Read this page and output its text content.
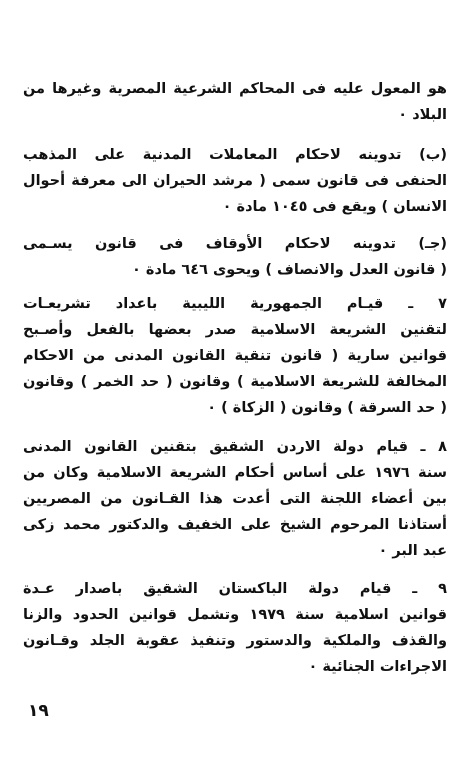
هو المعول عليه فى المحاكم الشرعية المصرية وغيرها من
البلاد ٠
(ب) تدوينه لاحكام المعاملات المدنية على المذهب
الحنفى فى قانون سمى ( مرشد الحيران الى معرفة أحوال
الانسان ) ويقع فى ١٠٤٥ مادة ٠
(جـ) تدوينه لاحكام الأوقاف فى قانون يسـمى
( قانون العدل والانصاف ) ويحوى ٦٤٦ مادة ٠
٧ ـ قيـام الجمهورية الليبية باعداد تشريعـات
لتقنين الشريعة الاسلامية صدر بعضها بالفعل وأصـبح
قوانين سارية ( قانون تنقية القانون المدنى من الاحكام
المخالفة للشريعة الاسلامية ) وقانون ( حد الخمر ) وقانون
( حد السرقة ) وقانون ( الزكاة ) ٠
٨ ـ قيام دولة الاردن الشقيق بتقنين القانون المدنى
سنة ١٩٧٦ على أساس أحكام الشريعة الاسلامية وكان من
بين أعضاء اللجنة التى أعدت هذا القـانون من المصريين
أستاذنا المرحوم الشيخ على الخفيف والدكتور محمد زكى
عبد البر ٠
٩ ـ قيام دولة الباكستان الشقيق باصدار عـدة
قوانين اسلامية سنة ١٩٧٩ وتشمل قوانين الحدود والزنا
والقذف والملكية والدستور وتنفيذ عقوبة الجلد وقـانون
الاجراءات الجنائية ٠
١٩
